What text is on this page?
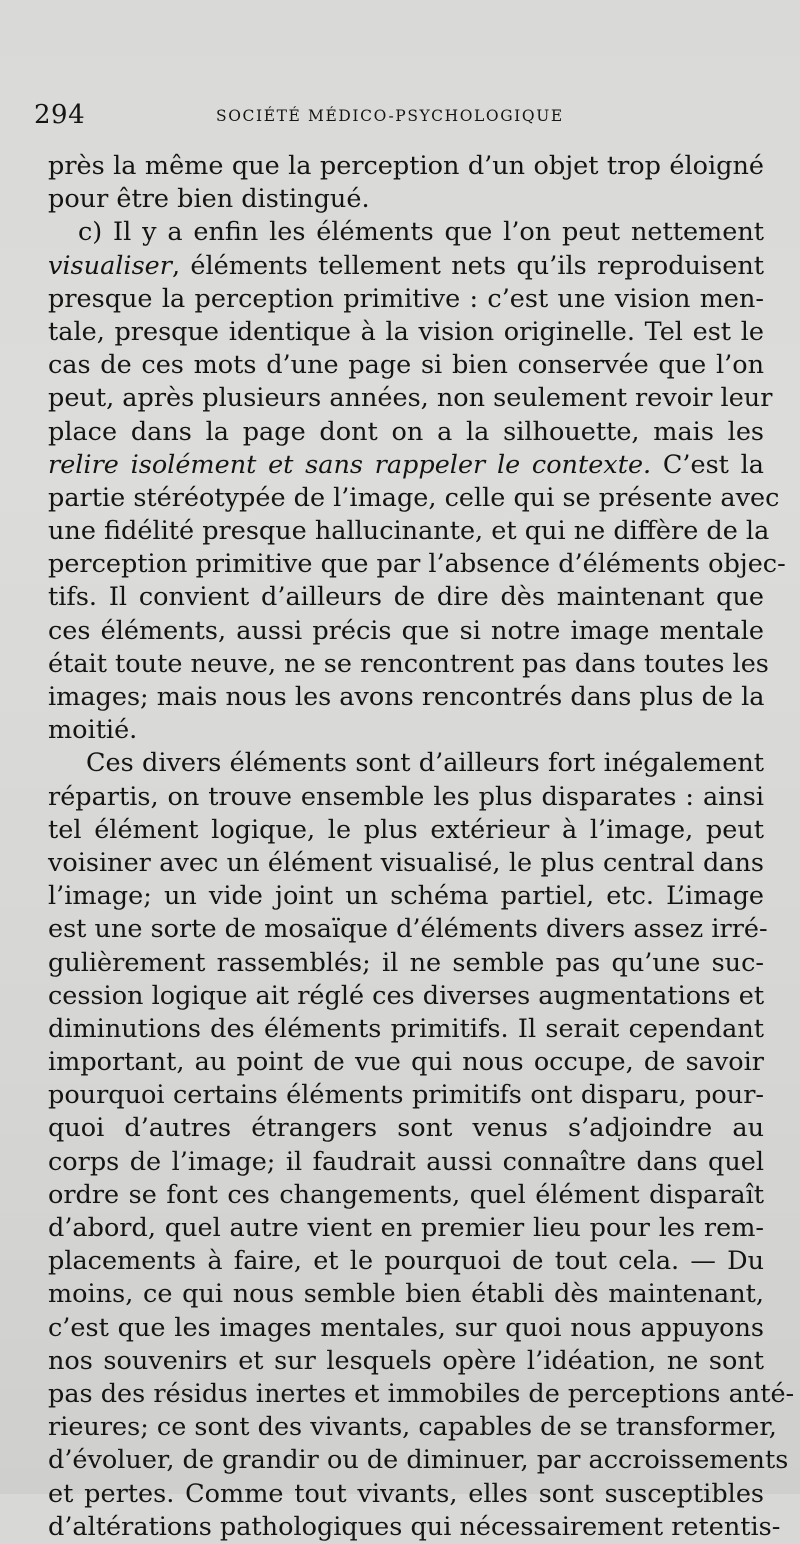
294	SOCIÉTÉ MÉDICO-PSYCHOLOGIQUE
près la même que la perception d’un objet trop éloigné
pour être bien distingué.
c) Il y a enfin les éléments que l’on peut nettement
visualiser, éléments tellement nets qu’ils reproduisent
presque la perception primitive : c’est une vision men-
tale, presque identique à la vision originelle. Tel est le
cas de ces mots d’une page si bien conservée que l’on
peut, après plusieurs années, non seulement revoir leur
place dans la page dont on a la silhouette, mais les
relire isolément et sans rappeler le contexte. C’est la
partie stéréotypée de l’image, celle qui se présente avec
une fidélité presque hallucinante, et qui ne diffère de la
perception primitive que par l’absence d’éléments objec-
tifs. Il convient d’ailleurs de dire dès maintenant que
ces éléments, aussi précis que si notre image mentale
était toute neuve, ne se rencontrent pas dans toutes les
images; mais nous les avons rencontrés dans plus de la
moitié.
Ces divers éléments sont d’ailleurs fort inégalement
répartis, on trouve ensemble les plus disparates : ainsi
tel élément logique, le plus extérieur à l’image, peut
voisiner avec un élément visualisé, le plus central dans
l’image; un vide joint un schéma partiel, etc. L’image
est une sorte de mosaïque d’éléments divers assez irré-
gulièrement rassemblés; il ne semble pas qu’une suc-
cession logique ait réglé ces diverses augmentations et
diminutions des éléments primitifs. Il serait cependant
important, au point de vue qui nous occupe, de savoir
pourquoi certains éléments primitifs ont disparu, pour-
quoi d’autres étrangers sont venus s’adjoindre au
corps de l’image; il faudrait aussi connaître dans quel
ordre se font ces changements, quel élément disparaît
d’abord, quel autre vient en premier lieu pour les rem-
placements à faire, et le pourquoi de tout cela. — Du
moins, ce qui nous semble bien établi dès maintenant,
c’est que les images mentales, sur quoi nous appuyons
nos souvenirs et sur lesquels opère l’idéation, ne sont
pas des résidus inertes et immobiles de perceptions anté-
rieures; ce sont des vivants, capables de se transformer,
d’évoluer, de grandir ou de diminuer, par accroissements
et pertes. Comme tout vivants, elles sont susceptibles
d’altérations pathologiques qui nécessairement retentis-
